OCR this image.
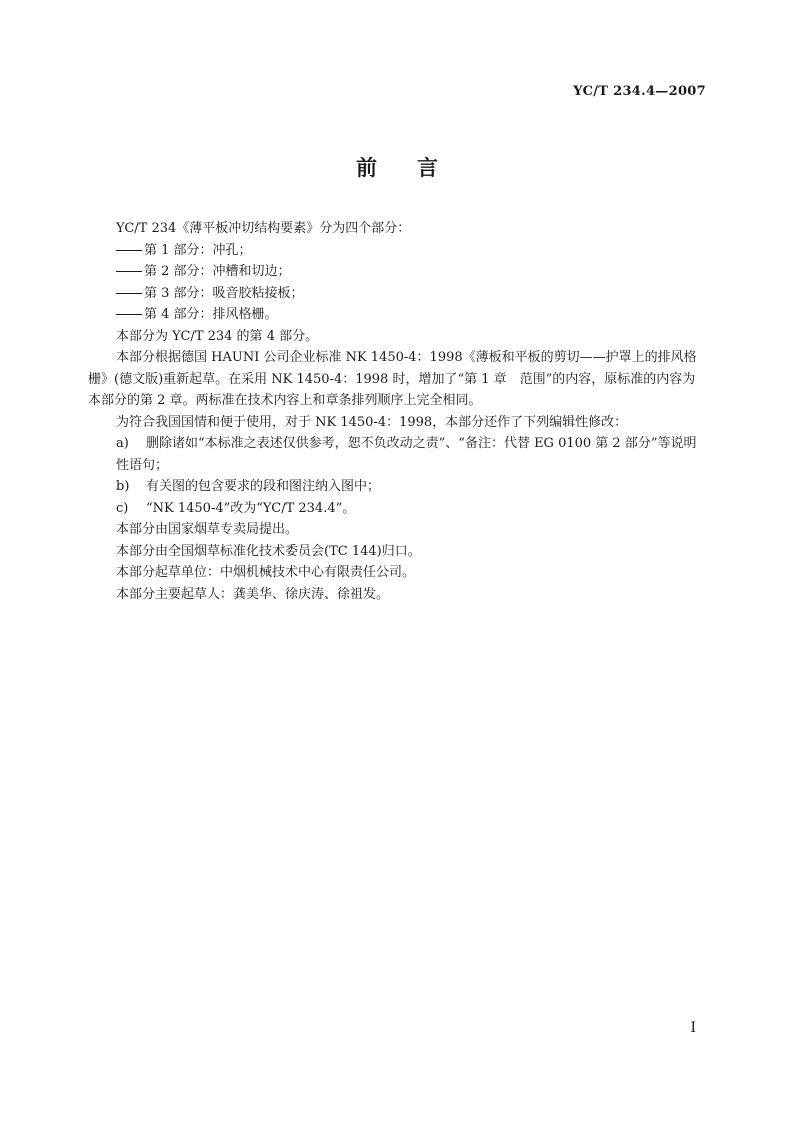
YC/T 234.4—2007
前 言

YC/T 234《薄平板冲切结构要素》分为四个部分：

第 1 部分：冲孔；

第 2 部分：冲槽和切边；

第 3 部分：吸音胶粘接板；

第 4 部分：排风格栅。

本部分为 YC/T 234 的第 4 部分。

本部分根据德国 HAUNI 公司企业标准 NK 1450-4：1998《薄板和平板的剪切——护罩上的排风格

栅》(德文版)重新起草。在采用 NK 1450-4：1998 时，增加了“第 1 章　范围”的内容，原标准的内容为

本部分的第 2 章。两标准在技术内容上和章条排列顺序上完全相同。

为符合我国国情和便于使用，对于 NK 1450-4：1998，本部分还作了下列编辑性修改：

a) 删除诸如“本标准之表述仅供参考，恕不负改动之责”、“备注：代替 EG 0100 第 2 部分”等说明

性语句；

b) 有关图的包含要求的段和图注纳入图中；

c) “NK 1450-4”改为“YC/T 234.4”。

本部分由国家烟草专卖局提出。

本部分由全国烟草标准化技术委员会(TC 144)归口。

本部分起草单位：中烟机械技术中心有限责任公司。

本部分主要起草人：龚美华、徐庆涛、徐祖发。

I
